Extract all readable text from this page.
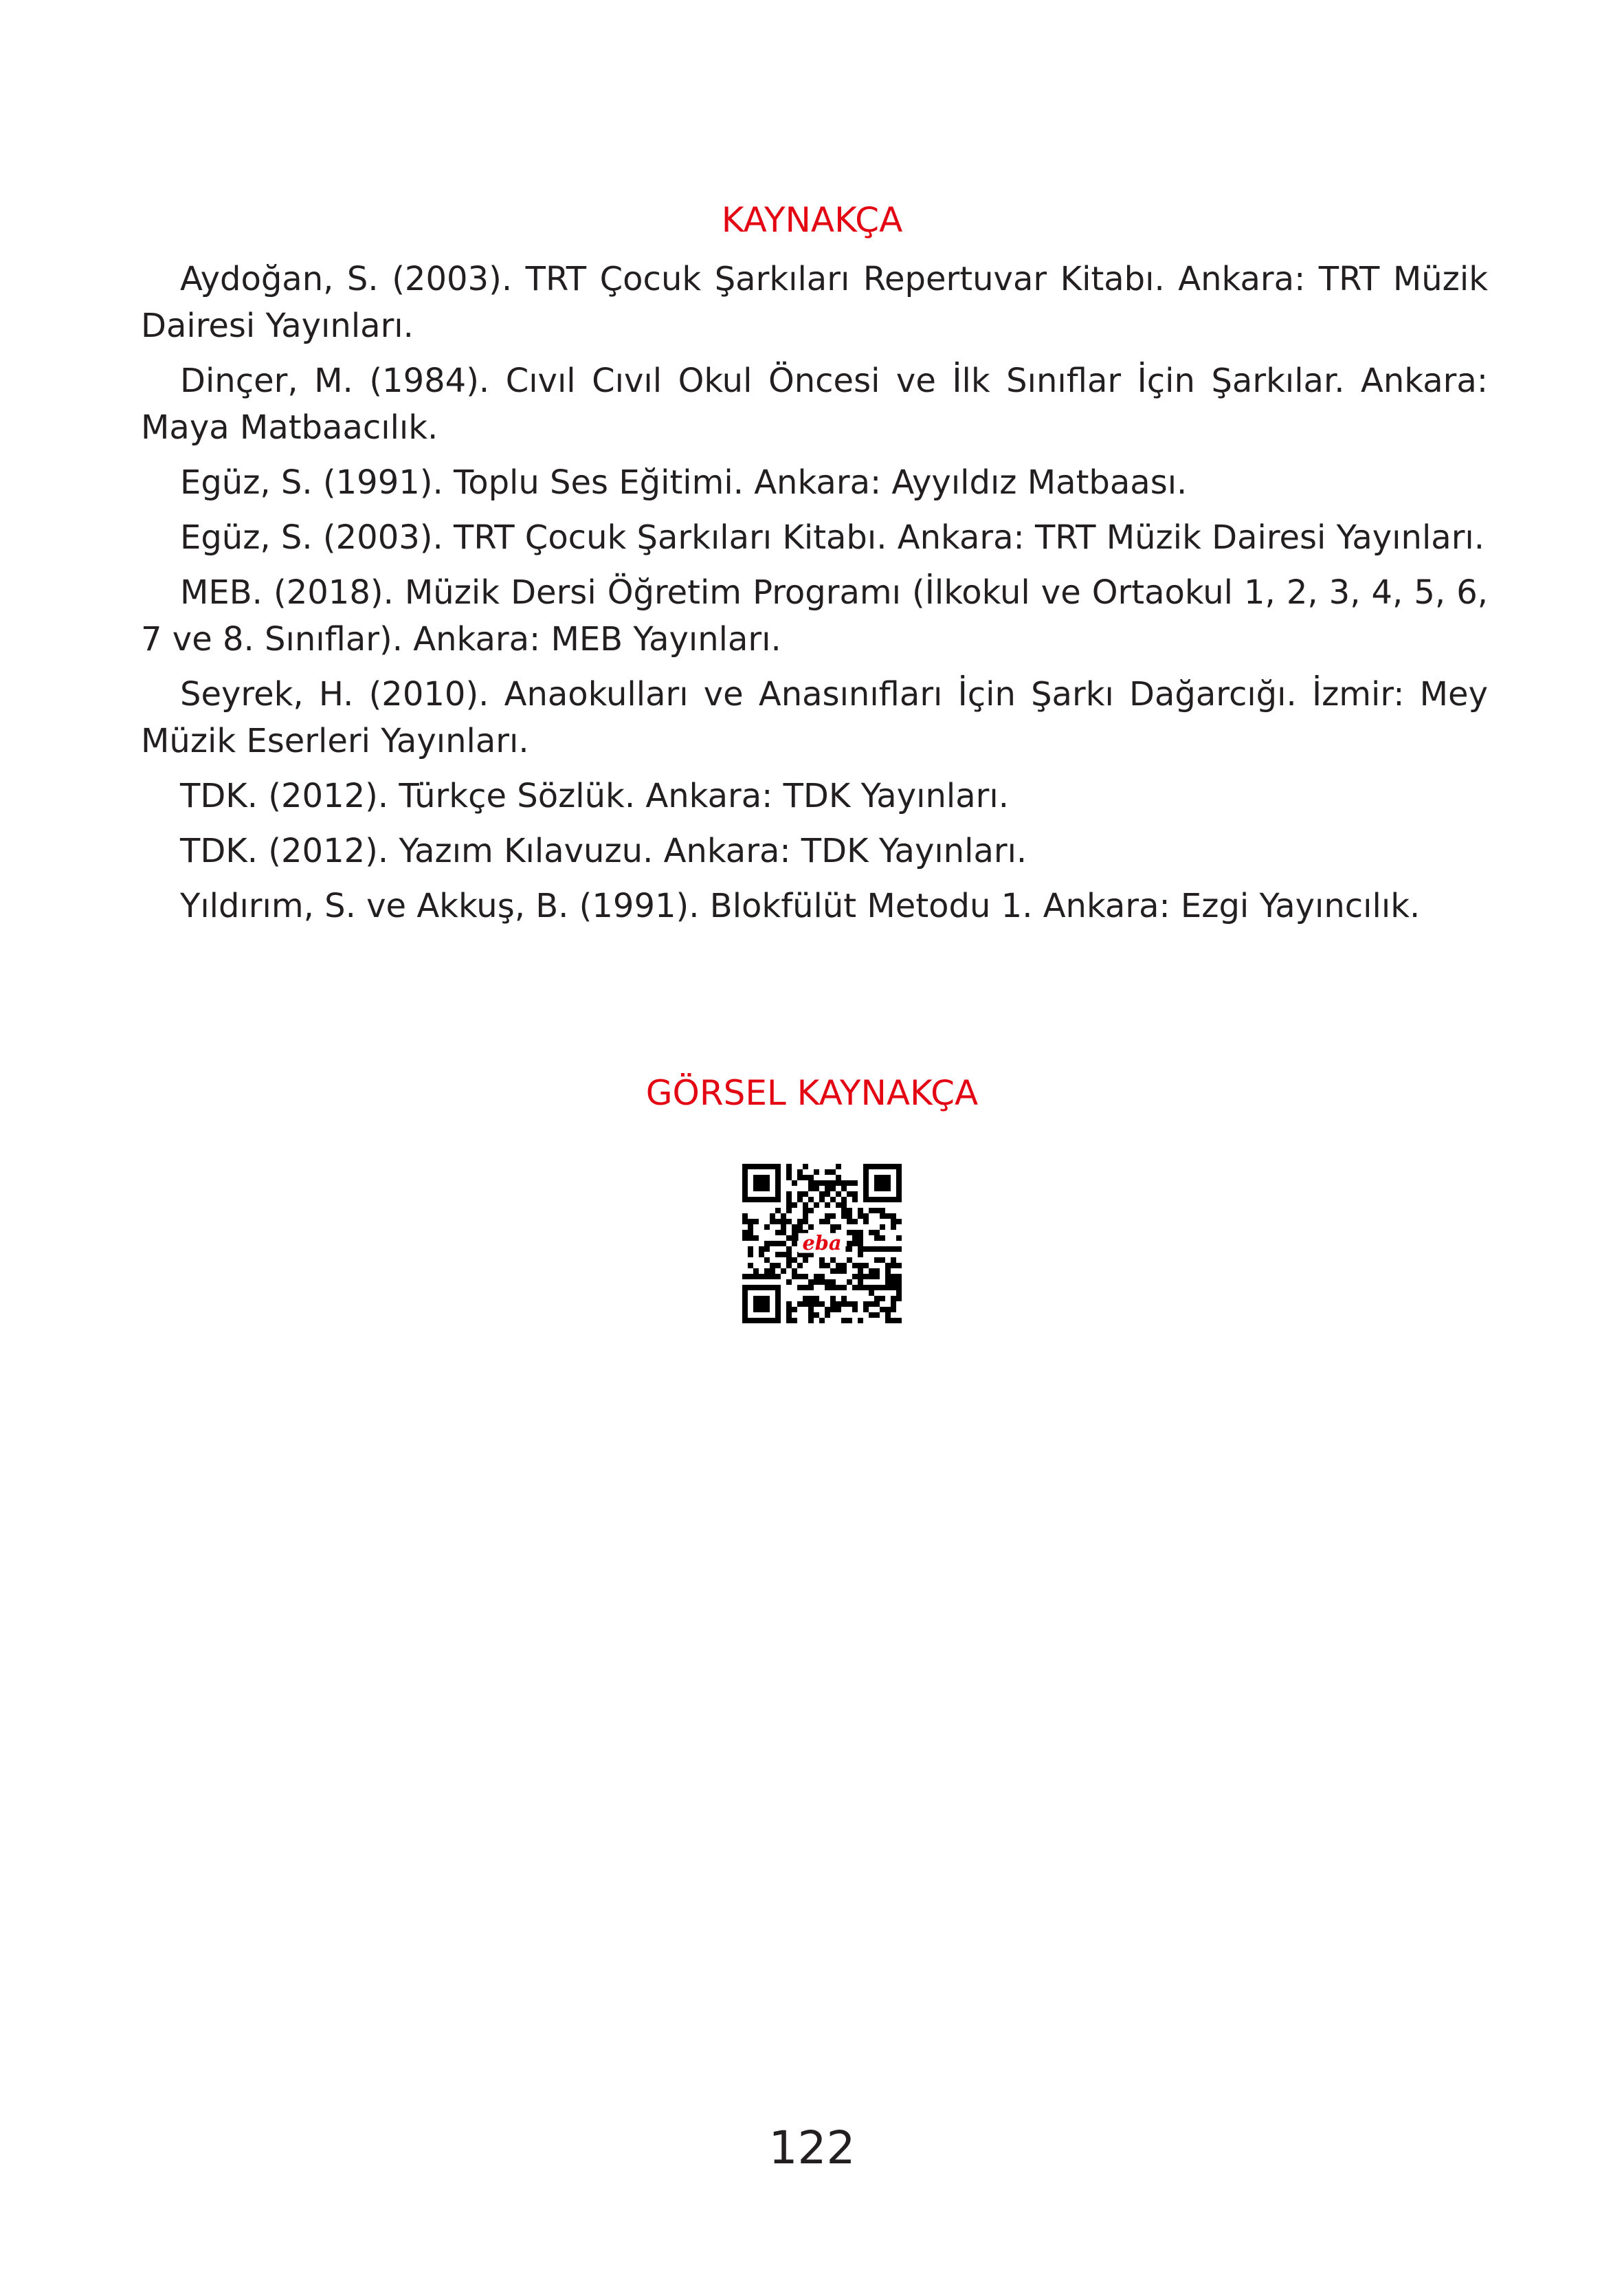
KAYNAKÇA
Aydoğan, S. (2003). TRT Çocuk Şarkıları Repertuvar Kitabı. Ankara: TRT Müzik Dairesi Yayınları.
Dinçer, M. (1984). Cıvıl Cıvıl Okul Öncesi ve İlk Sınıflar İçin Şarkılar. Ankara: Maya Matbaacılık.
Egüz, S. (1991). Toplu Ses Eğitimi. Ankara: Ayyıldız Matbaası.
Egüz, S. (2003). TRT Çocuk Şarkıları Kitabı. Ankara: TRT Müzik Dairesi Yayınları.
MEB. (2018). Müzik Dersi Öğretim Programı (İlkokul ve Ortaokul 1, 2, 3, 4, 5, 6, 7 ve 8. Sınıflar). Ankara: MEB Yayınları.
Seyrek, H. (2010). Anaokulları ve Anasınıfları İçin Şarkı Dağarcığı. İzmir: Mey Müzik Eserleri Yayınları.
TDK. (2012). Türkçe Sözlük. Ankara: TDK Yayınları.
TDK. (2012). Yazım Kılavuzu. Ankara: TDK Yayınları.
Yıldırım, S. ve Akkuş, B. (1991). Blokfülüt Metodu 1. Ankara: Ezgi Yayıncılık.
GÖRSEL KAYNAKÇA
eba
122
